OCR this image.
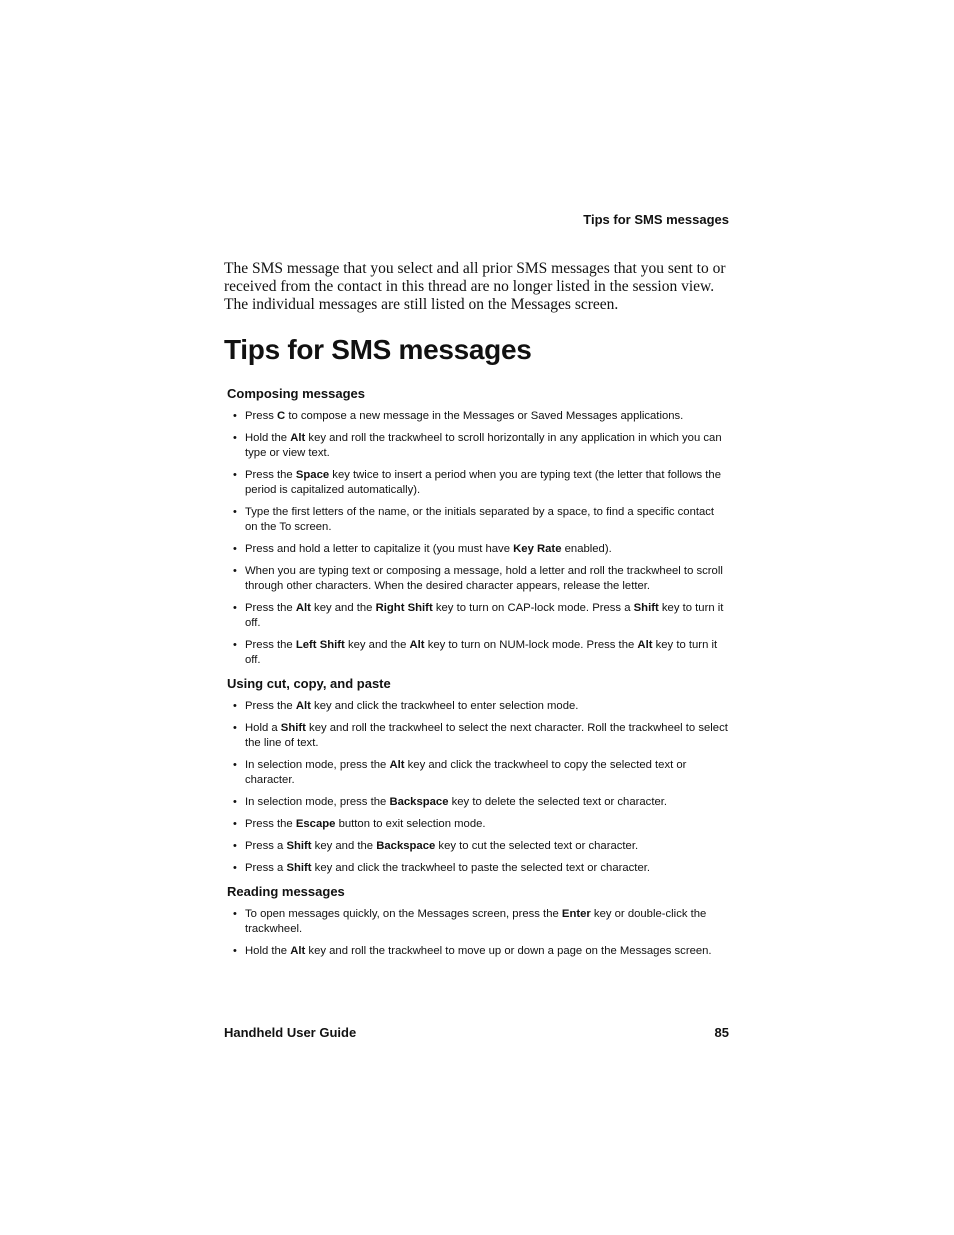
Tips for SMS messages

The SMS message that you select and all prior SMS messages that you sent to or received from the contact in this thread are no longer listed in the session view. The individual messages are still listed on the Messages screen.

Tips for SMS messages
Composing messages
• Press C to compose a new message in the Messages or Saved Messages applications.
• Hold the Alt key and roll the trackwheel to scroll horizontally in any application in which you can type or view text.
• Press the Space key twice to insert a period when you are typing text (the letter that follows the period is capitalized automatically).
• Type the first letters of the name, or the initials separated by a space, to find a specific contact on the To screen.
• Press and hold a letter to capitalize it (you must have Key Rate enabled).
• When you are typing text or composing a message, hold a letter and roll the trackwheel to scroll through other characters. When the desired character appears, release the letter.
• Press the Alt key and the Right Shift key to turn on CAP-lock mode. Press a Shift key to turn it off.
• Press the Left Shift key and the Alt key to turn on NUM-lock mode. Press the Alt key to turn it off.
Using cut, copy, and paste
• Press the Alt key and click the trackwheel to enter selection mode.
• Hold a Shift key and roll the trackwheel to select the next character. Roll the trackwheel to select the line of text.
• In selection mode, press the Alt key and click the trackwheel to copy the selected text or character.
• In selection mode, press the Backspace key to delete the selected text or character.
• Press the Escape button to exit selection mode.
• Press a Shift key and the Backspace key to cut the selected text or character.
• Press a Shift key and click the trackwheel to paste the selected text or character.
Reading messages
• To open messages quickly, on the Messages screen, press the Enter key or double-click the trackwheel.
• Hold the Alt key and roll the trackwheel to move up or down a page on the Messages screen.
Handheld User Guide	85
